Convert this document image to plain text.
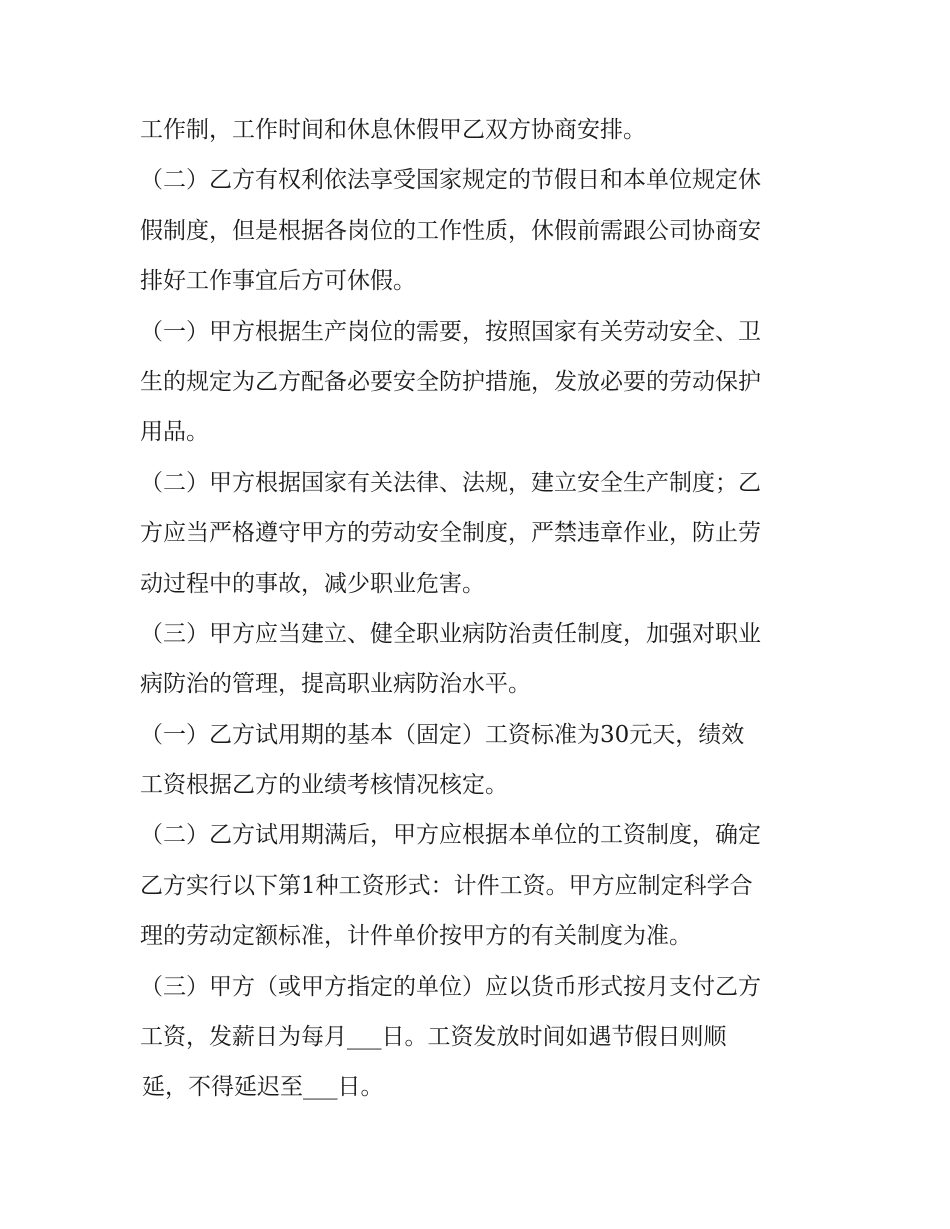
工作制，工作时间和休息休假甲乙双方协商安排。
（二）乙方有权利依法享受国家规定的节假日和本单位规定休
假制度，但是根据各岗位的工作性质，休假前需跟公司协商安
排好工作事宜后方可休假。
（一）甲方根据生产岗位的需要，按照国家有关劳动安全、卫
生的规定为乙方配备必要安全防护措施，发放必要的劳动保护
用品。
（二）甲方根据国家有关法律、法规，建立安全生产制度；乙
方应当严格遵守甲方的劳动安全制度，严禁违章作业，防止劳
动过程中的事故，减少职业危害。
（三）甲方应当建立、健全职业病防治责任制度，加强对职业
病防治的管理，提高职业病防治水平。
（一）乙方试用期的基本（固定）工资标准为30元天，绩效
工资根据乙方的业绩考核情况核定。
（二）乙方试用期满后，甲方应根据本单位的工资制度，确定
乙方实行以下第1种工资形式：计件工资。甲方应制定科学合
理的劳动定额标准，计件单价按甲方的有关制度为准。
（三）甲方（或甲方指定的单位）应以货币形式按月支付乙方
工资，发薪日为每月___日。工资发放时间如遇节假日则顺
延，不得延迟至___日。
